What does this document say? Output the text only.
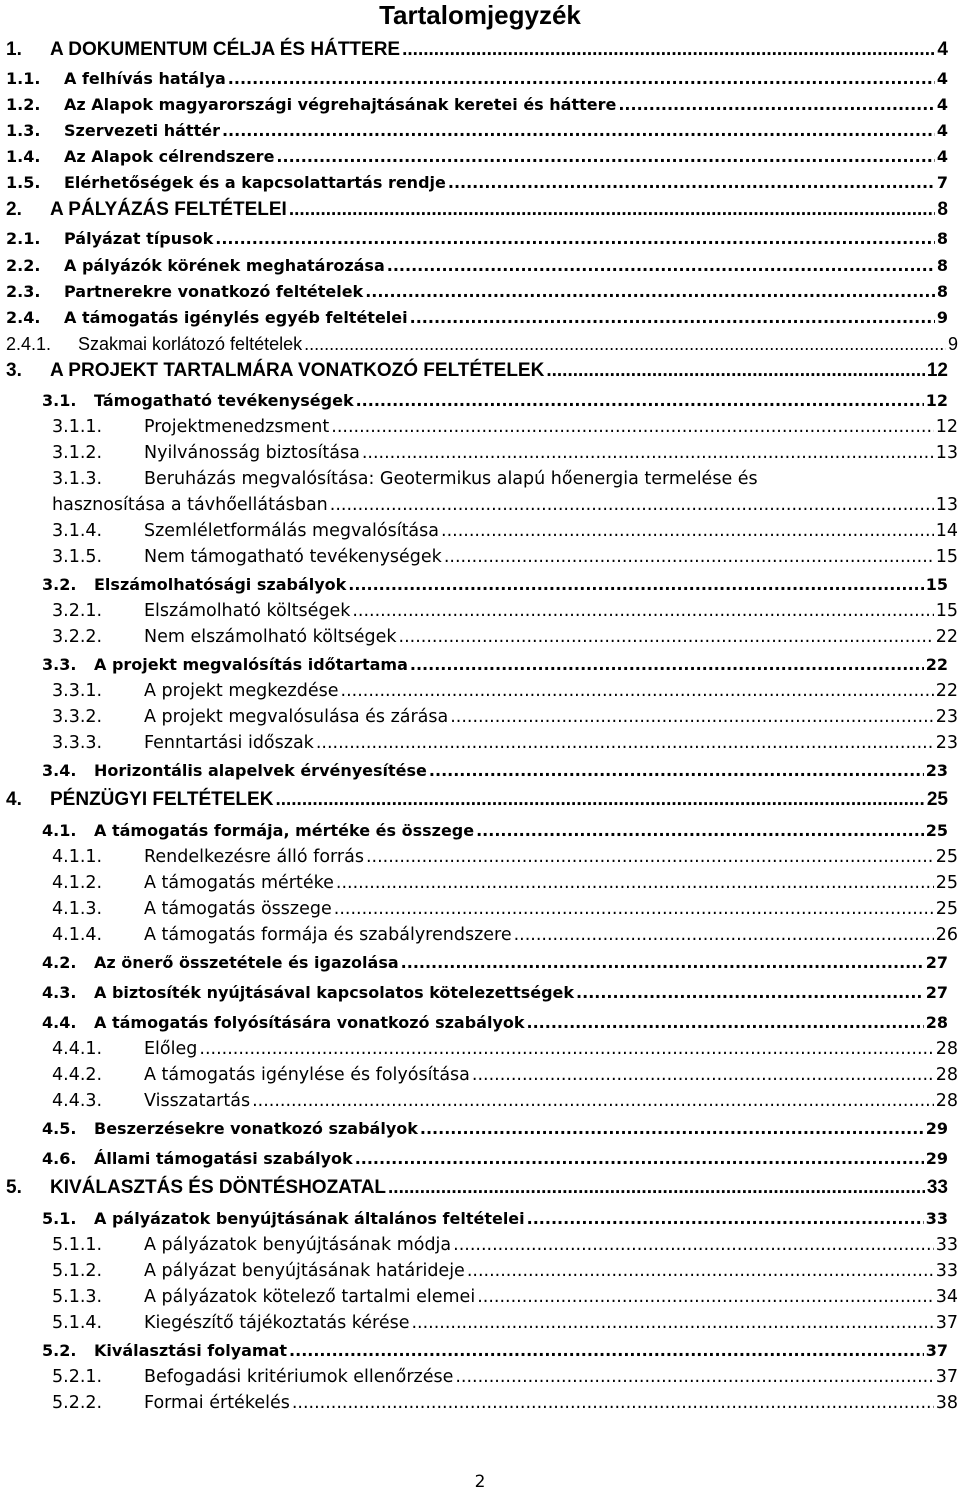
Tartalomjegyzék
1.	A DOKUMENTUM CÉLJA ÉS HÁTTERE .....	4
1.1.	A felhívás hatálya .....	4
1.2.	Az Alapok magyarországi végrehajtásának keretei és háttere .....	4
1.3.	Szervezeti háttér .....	4
1.4.	Az Alapok célrendszere .....	4
1.5.	Elérhetőségek és a kapcsolattartás rendje .....	7
2.	A PÁLYÁZÁS FELTÉTELEI .....	8
2.1.	Pályázat típusok .....	8
2.2.	A pályázók körének meghatározása .....	8
2.3.	Partnerekre vonatkozó feltételek .....	8
2.4.	A támogatás igénylés egyéb feltételei .....	9
2.4.1.	Szakmai korlátozó feltételek .....	9
3.	A PROJEKT TARTALMÁRA VONATKOZÓ FELTÉTELEK .....	12
3.1.	Támogatható tevékenységek .....	12
3.1.1.	Projektmenedzsment .....	12
3.1.2.	Nyilvánosság biztosítása .....	13
3.1.3.	Beruházás megvalósítása: Geotermikus alapú hőenergia termelése és
hasznosítása a távhőellátásban .....	13
3.1.4.	Szemléletformálás megvalósítása .....	14
3.1.5.	Nem támogatható tevékenységek .....	15
3.2.	Elszámolhatósági szabályok .....	15
3.2.1.	Elszámolható költségek .....	15
3.2.2.	Nem elszámolható költségek .....	22
3.3.	A projekt megvalósítás időtartama .....	22
3.3.1.	A projekt megkezdése .....	22
3.3.2.	A projekt megvalósulása és zárása .....	23
3.3.3.	Fenntartási időszak .....	23
3.4.	Horizontális alapelvek érvényesítése .....	23
4.	PÉNZÜGYI FELTÉTELEK .....	25
4.1.	A támogatás formája, mértéke és összege .....	25
4.1.1.	Rendelkezésre álló forrás .....	25
4.1.2.	A támogatás mértéke .....	25
4.1.3.	A támogatás összege .....	25
4.1.4.	A támogatás formája és szabályrendszere .....	26
4.2.	Az önerő összetétele és igazolása .....	27
4.3.	A biztosíték nyújtásával kapcsolatos kötelezettségek .....	27
4.4.	A támogatás folyósítására vonatkozó szabályok .....	28
4.4.1.	Előleg .....	28
4.4.2.	A támogatás igénylése és folyósítása .....	28
4.4.3.	Visszatartás .....	28
4.5.	Beszerzésekre vonatkozó szabályok .....	29
4.6.	Állami támogatási szabályok .....	29
5.	KIVÁLASZTÁS ÉS DÖNTÉSHOZATAL .....	33
5.1.	A pályázatok benyújtásának általános feltételei .....	33
5.1.1.	A pályázatok benyújtásának módja .....	33
5.1.2.	A pályázat benyújtásának határideje .....	33
5.1.3.	A pályázatok kötelező tartalmi elemei .....	34
5.1.4.	Kiegészítő tájékoztatás kérése .....	37
5.2.	Kiválasztási folyamat .....	37
5.2.1.	Befogadási kritériumok ellenőrzése .....	37
5.2.2.	Formai értékelés .....	38
2
